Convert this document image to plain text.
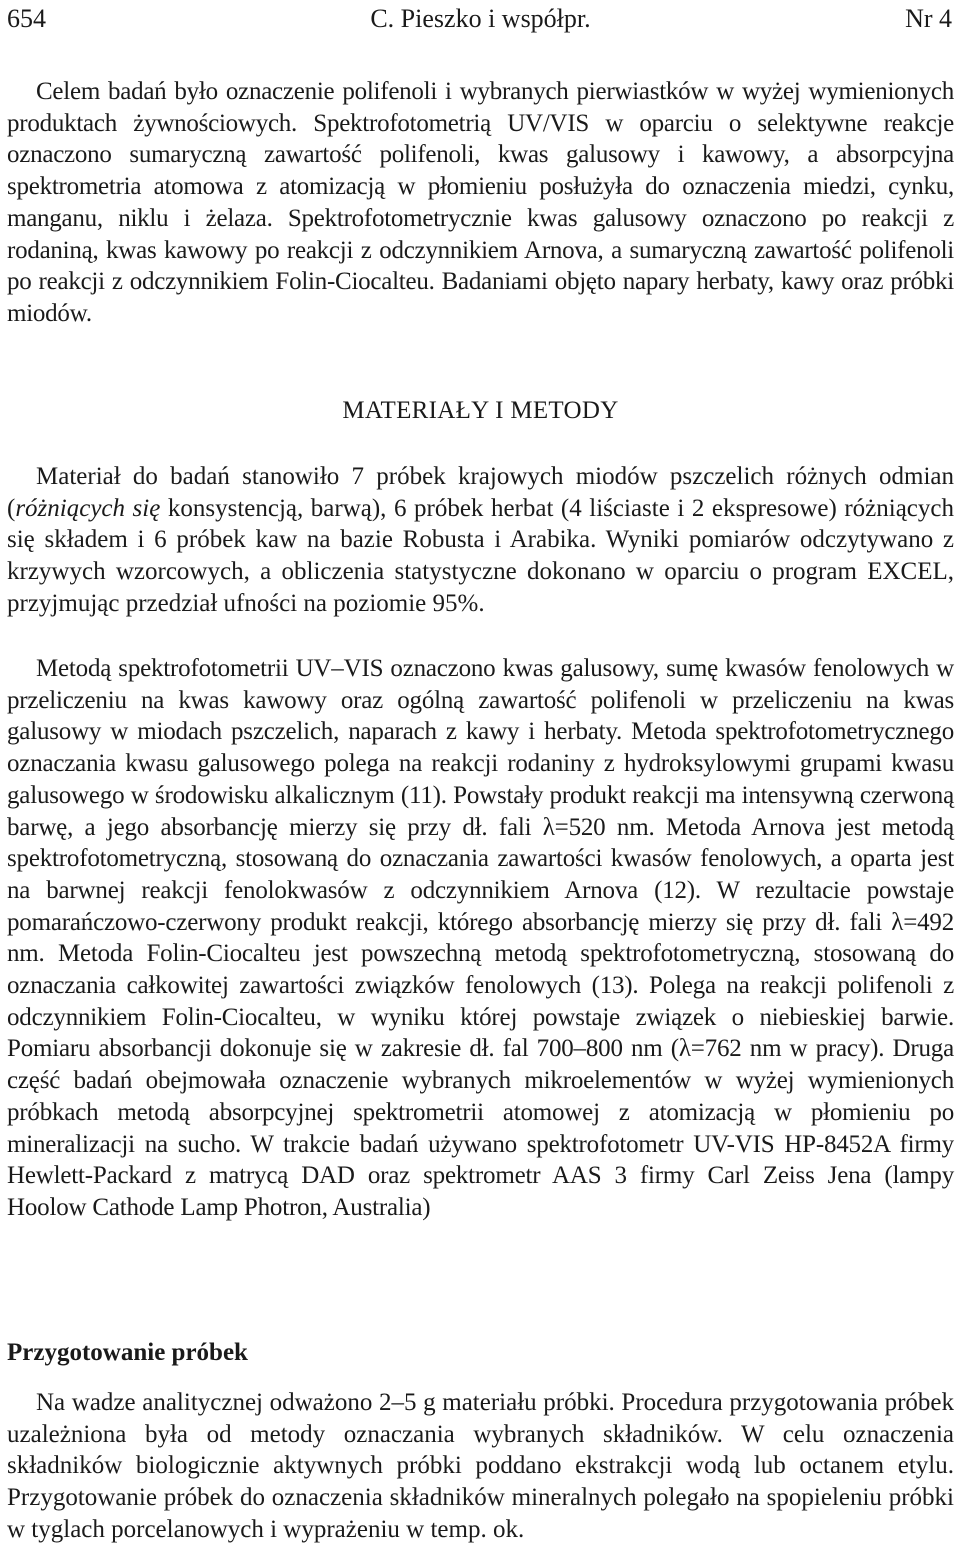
654	C. Pieszko i współpr.	Nr 4

Celem badań było oznaczenie polifenoli i wybranych pierwiastków w wyżej wymienionych produktach żywnościowych. Spektrofotometrią UV/VIS w oparciu o selektywne reakcje oznaczono sumaryczną zawartość polifenoli, kwas galusowy i kawowy, a absorpcyjna spektrometria atomowa z atomizacją w płomieniu posłużyła do oznaczenia miedzi, cynku, manganu, niklu i żelaza. Spektrofotometrycznie kwas galusowy oznaczono po reakcji z rodaniną, kwas kawowy po reakcji z odczynnikiem Arnova, a sumaryczną zawartość polifenoli po reakcji z odczynnikiem Folin-Ciocalteu. Badaniami objęto napary herbaty, kawy oraz próbki miodów.

MATERIAŁY I METODY

Materiał do badań stanowiło 7 próbek krajowych miodów pszczelich różnych odmian (różniących się konsystencją, barwą), 6 próbek herbat (4 liściaste i 2 ekspresowe) różniących się składem i 6 próbek kaw na bazie Robusta i Arabika. Wyniki pomiarów odczytywano z krzywych wzorcowych, a obliczenia statystyczne dokonano w oparciu o program EXCEL, przyjmując przedział ufności na poziomie 95%.

Metodą spektrofotometrii UV–VIS oznaczono kwas galusowy, sumę kwasów fenolowych w przeliczeniu na kwas kawowy oraz ogólną zawartość polifenoli w przeliczeniu na kwas galusowy w miodach pszczelich, naparach z kawy i herbaty. Metoda spektrofotometrycznego oznaczania kwasu galusowego polega na reakcji rodaniny z hydroksylowymi grupami kwasu galusowego w środowisku alkalicznym (11). Powstały produkt reakcji ma intensywną czerwoną barwę, a jego absorbancję mierzy się przy dł. fali λ=520 nm. Metoda Arnova jest metodą spektrofotometryczną, stosowaną do oznaczania zawartości kwasów fenolowych, a oparta jest na barwnej reakcji fenolokwasów z odczynnikiem Arnova (12). W rezultacie powstaje pomarańczowo-czerwony produkt reakcji, którego absorbancję mierzy się przy dł. fali λ=492 nm. Metoda Folin-Ciocalteu jest powszechną metodą spektrofotometryczną, stosowaną do oznaczania całkowitej zawartości związków fenolowych (13). Polega na reakcji polifenoli z odczynnikiem Folin-Ciocalteu, w wyniku której powstaje związek o niebieskiej barwie. Pomiaru absorbancji dokonuje się w zakresie dł. fal 700–800 nm (λ=762 nm w pracy). Druga część badań obejmowała oznaczenie wybranych mikroelementów w wyżej wymienionych próbkach metodą absorpcyjnej spektrometrii atomowej z atomizacją w płomieniu po mineralizacji na sucho. W trakcie badań używano spektrofotometr UV-VIS HP-8452A firmy Hewlett-Packard z matrycą DAD oraz spektrometr AAS 3 firmy Carl Zeiss Jena (lampy Hoolow Cathode Lamp Photron, Australia)

Przygotowanie próbek

Na wadze analitycznej odważono 2–5 g materiału próbki. Procedura przygotowania próbek uzależniona była od metody oznaczania wybranych składników. W celu oznaczenia składników biologicznie aktywnych próbki poddano ekstrakcji wodą lub octanem etylu. Przygotowanie próbek do oznaczenia składników mineralnych polegało na spopieleniu próbki w tyglach porcelanowych i wyprażeniu w temp. ok.
